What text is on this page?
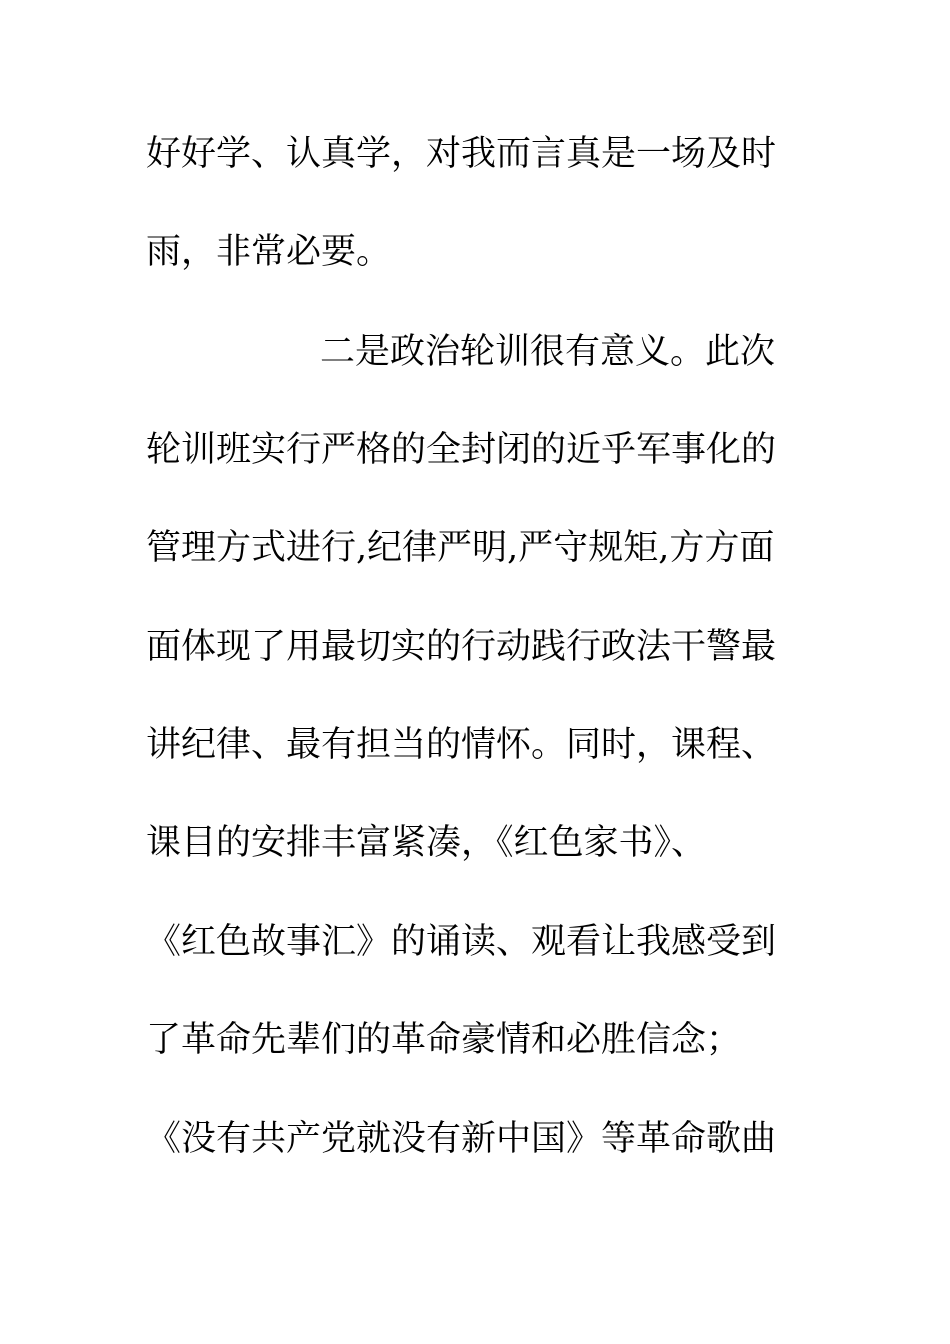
好好学、认真学，对我而言真是一场及时
雨，非常必要。
二是政治轮训很有意义。此次
轮训班实行严格的全封闭的近乎军事化的
管理方式进行,纪律严明,严守规矩,方方面
面体现了用最切实的行动践行政法干警最
讲纪律、最有担当的情怀。同时，课程、
课目的安排丰富紧凑，《红色家书》、
《红色故事汇》的诵读、观看让我感受到
了革命先辈们的革命豪情和必胜信念；
《没有共产党就没有新中国》等革命歌曲
